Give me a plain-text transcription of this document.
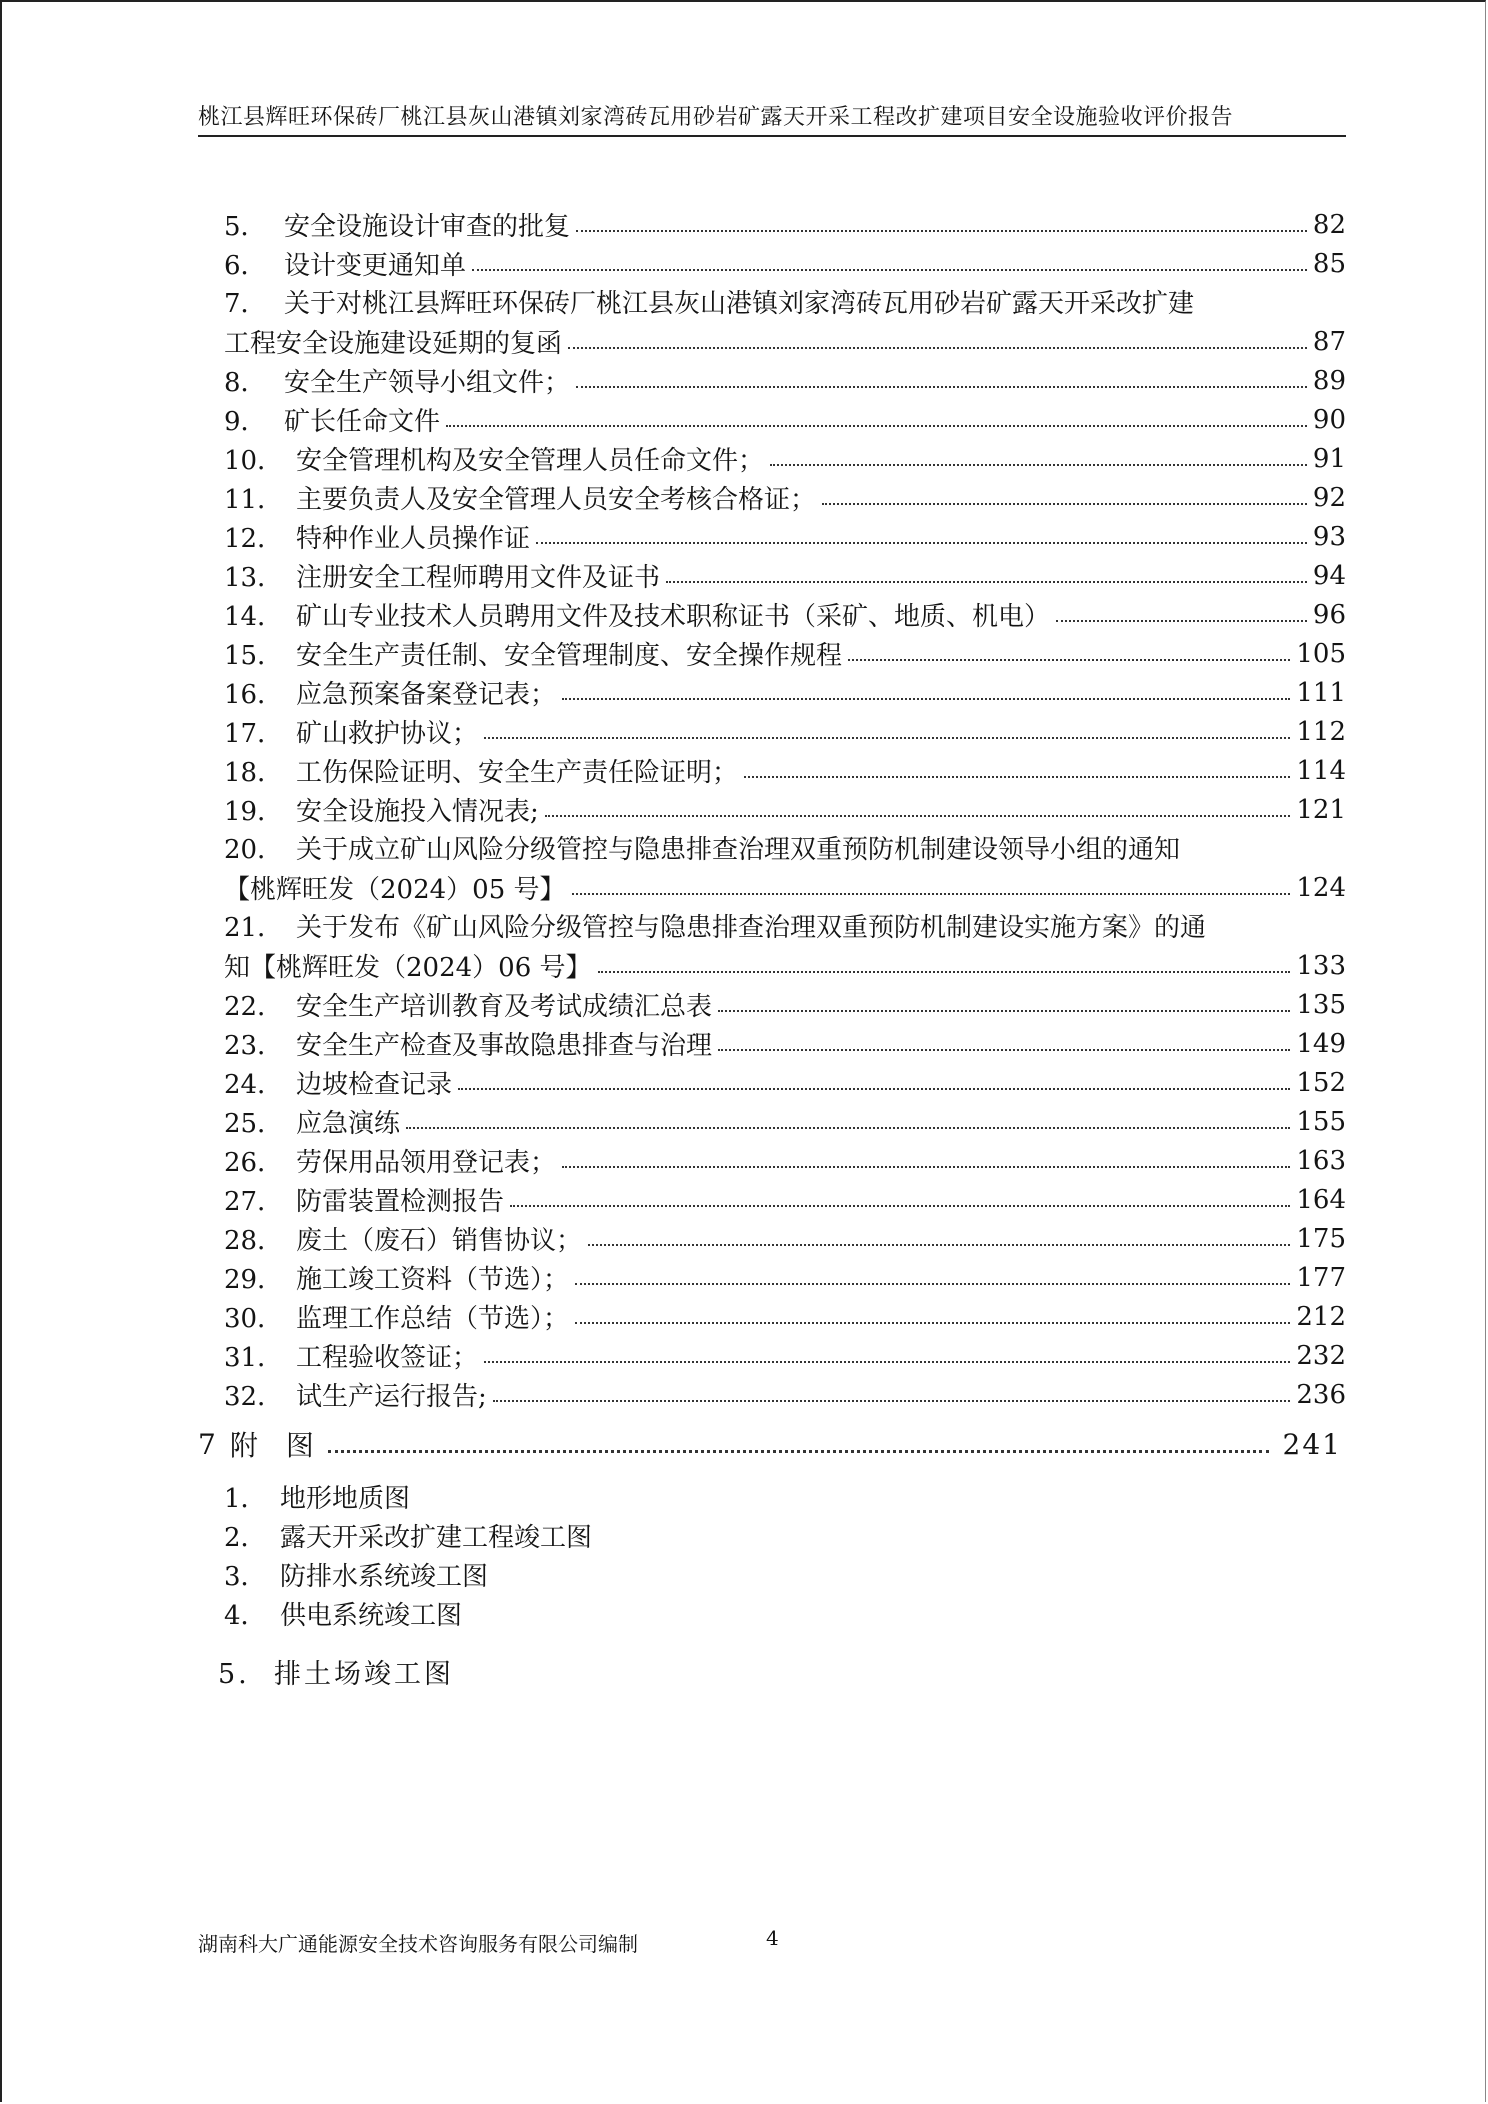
桃江县辉旺环保砖厂桃江县灰山港镇刘家湾砖瓦用砂岩矿露天开采工程改扩建项目安全设施验收评价报告
5． 安全设施设计审查的批复	82
6． 设计变更通知单	85
7． 关于对桃江县辉旺环保砖厂桃江县灰山港镇刘家湾砖瓦用砂岩矿露天开采改扩建
工程安全设施建设延期的复函	87
8． 安全生产领导小组文件；	89
9． 矿长任命文件	90
10． 安全管理机构及安全管理人员任命文件；	91
11． 主要负责人及安全管理人员安全考核合格证；	92
12． 特种作业人员操作证	93
13． 注册安全工程师聘用文件及证书	94
14． 矿山专业技术人员聘用文件及技术职称证书（采矿、地质、机电）	96
15． 安全生产责任制、安全管理制度、安全操作规程	105
16． 应急预案备案登记表；	111
17． 矿山救护协议；	112
18． 工伤保险证明、安全生产责任险证明；	114
19． 安全设施投入情况表;	121
20． 关于成立矿山风险分级管控与隐患排查治理双重预防机制建设领导小组的通知
【桃辉旺发（2024）05 号】	124
21． 关于发布《矿山风险分级管控与隐患排查治理双重预防机制建设实施方案》的通
知【桃辉旺发（2024）06 号】	133
22． 安全生产培训教育及考试成绩汇总表	135
23． 安全生产检查及事故隐患排查与治理	149
24． 边坡检查记录	152
25． 应急演练	155
26． 劳保用品领用登记表；	163
27． 防雷装置检测报告	164
28． 废土（废石）销售协议；	175
29． 施工竣工资料（节选）；	177
30． 监理工作总结（节选）；	212
31． 工程验收签证；	232
32． 试生产运行报告;	236
7 附　图	241
1． 地形地质图
2． 露天开采改扩建工程竣工图
3． 防排水系统竣工图
4． 供电系统竣工图
5. 排土场竣工图
湖南科大广通能源安全技术咨询服务有限公司编制	4
